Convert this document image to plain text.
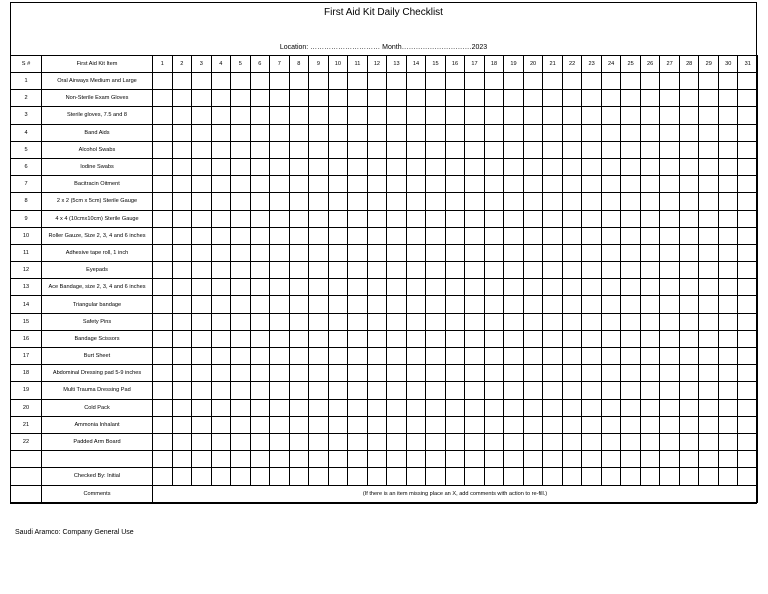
First Aid Kit Daily Checklist
Location: ………………………… Month…………………………2023
S #	First Aid Kit Item	1	2	3	4	5	6	7	8	9	10	11	12	13	14	15	16	17	18	19	20	21	22	23	24	25	26	27	28	29	30	31
1	Oral Airways Medium and Large																															
2	Non-Sterile Exam Gloves																															
3	Sterile gloves, 7.5 and 8																															
4	Band Aids																															
5	Alcohol Swabs																															
6	Iodine Swabs																															
7	Bacitracin Oitment																															
8	2 x 2 (5cm x 5cm) Sterile Gauge																															
9	4 x 4 (10cmx10cm) Sterile Gauge																															
10	Roller Gauze, Size 2, 3, 4 and 6 inches																															
11	Adhesive tape roll, 1 inch																															
12	Eyepads																															
13	Ace Bandage, size 2, 3, 4 and 6 inches																															
14	Triangular bandage																															
15	Safety Pins																															
16	Bandage Scissors																															
17	Burt Sheet																															
18	Abdominal Dressing pad 5-9 inches																															
19	Multi Trauma Dressing Pad																															
20	Cold Pack																															
21	Ammonia Inhalant																															
22	Padded Arm Board																															

	Checked By: Initial																															
	Comments	(If there is an item missing place an X, add comments with action to re-fill.)																														
Saudi Aramco: Company General Use
